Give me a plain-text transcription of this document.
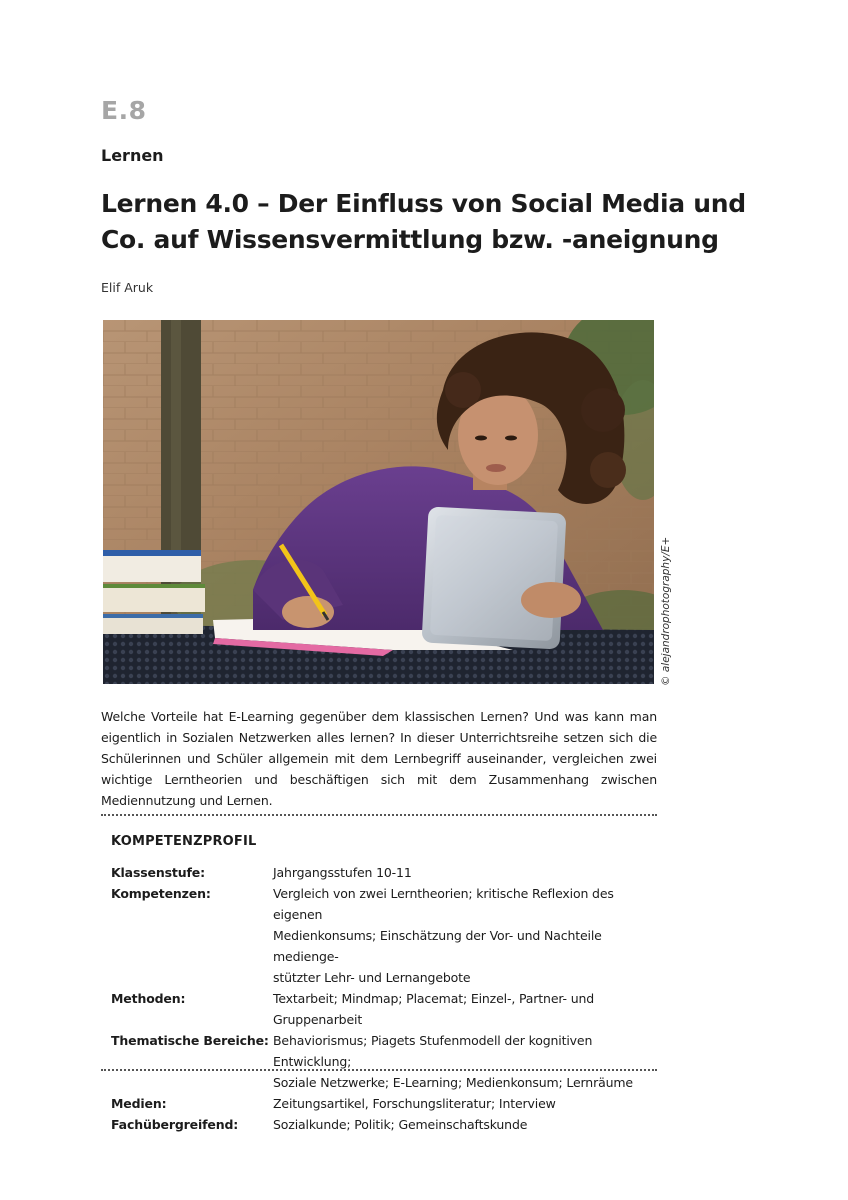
E.8
Lernen
Lernen 4.0 – Der Einfluss von Social Media und
Co. auf Wissensvermittlung bzw. -aneignung
Elif Aruk
© alejandrophotography/E+
Welche Vorteile hat E-Learning gegenüber dem klassischen Lernen? Und was kann man eigentlich in Sozialen Netzwerken alles lernen? In dieser Unterrichtsreihe setzen sich die Schülerinnen und Schüler allgemein mit dem Lernbegriff auseinander, vergleichen zwei wichtige Lerntheorien und beschäftigen sich mit dem Zusammenhang zwischen Mediennutzung und Lernen.
KOMPETENZPROFIL
Klassenstufe:	Jahrgangsstufen 10-11
Kompetenzen:	Vergleich von zwei Lerntheorien; kritische Reflexion des eigenen
Medienkonsums; Einschätzung der Vor- und Nachteile mediengе-
stützter Lehr- und Lernangebote
Methoden:	Textarbeit; Mindmap; Placemat; Einzel-, Partner- und Gruppenarbeit
Thematische Bereiche: Behaviorismus; Piagets Stufenmodell der kognitiven Entwicklung;
Soziale Netzwerke; E-Learning; Medienkonsum; Lernräume
Medien:	Zeitungsartikel, Forschungsliteratur; Interview
Fachübergreifend:	Sozialkunde; Politik; Gemeinschaftskunde
